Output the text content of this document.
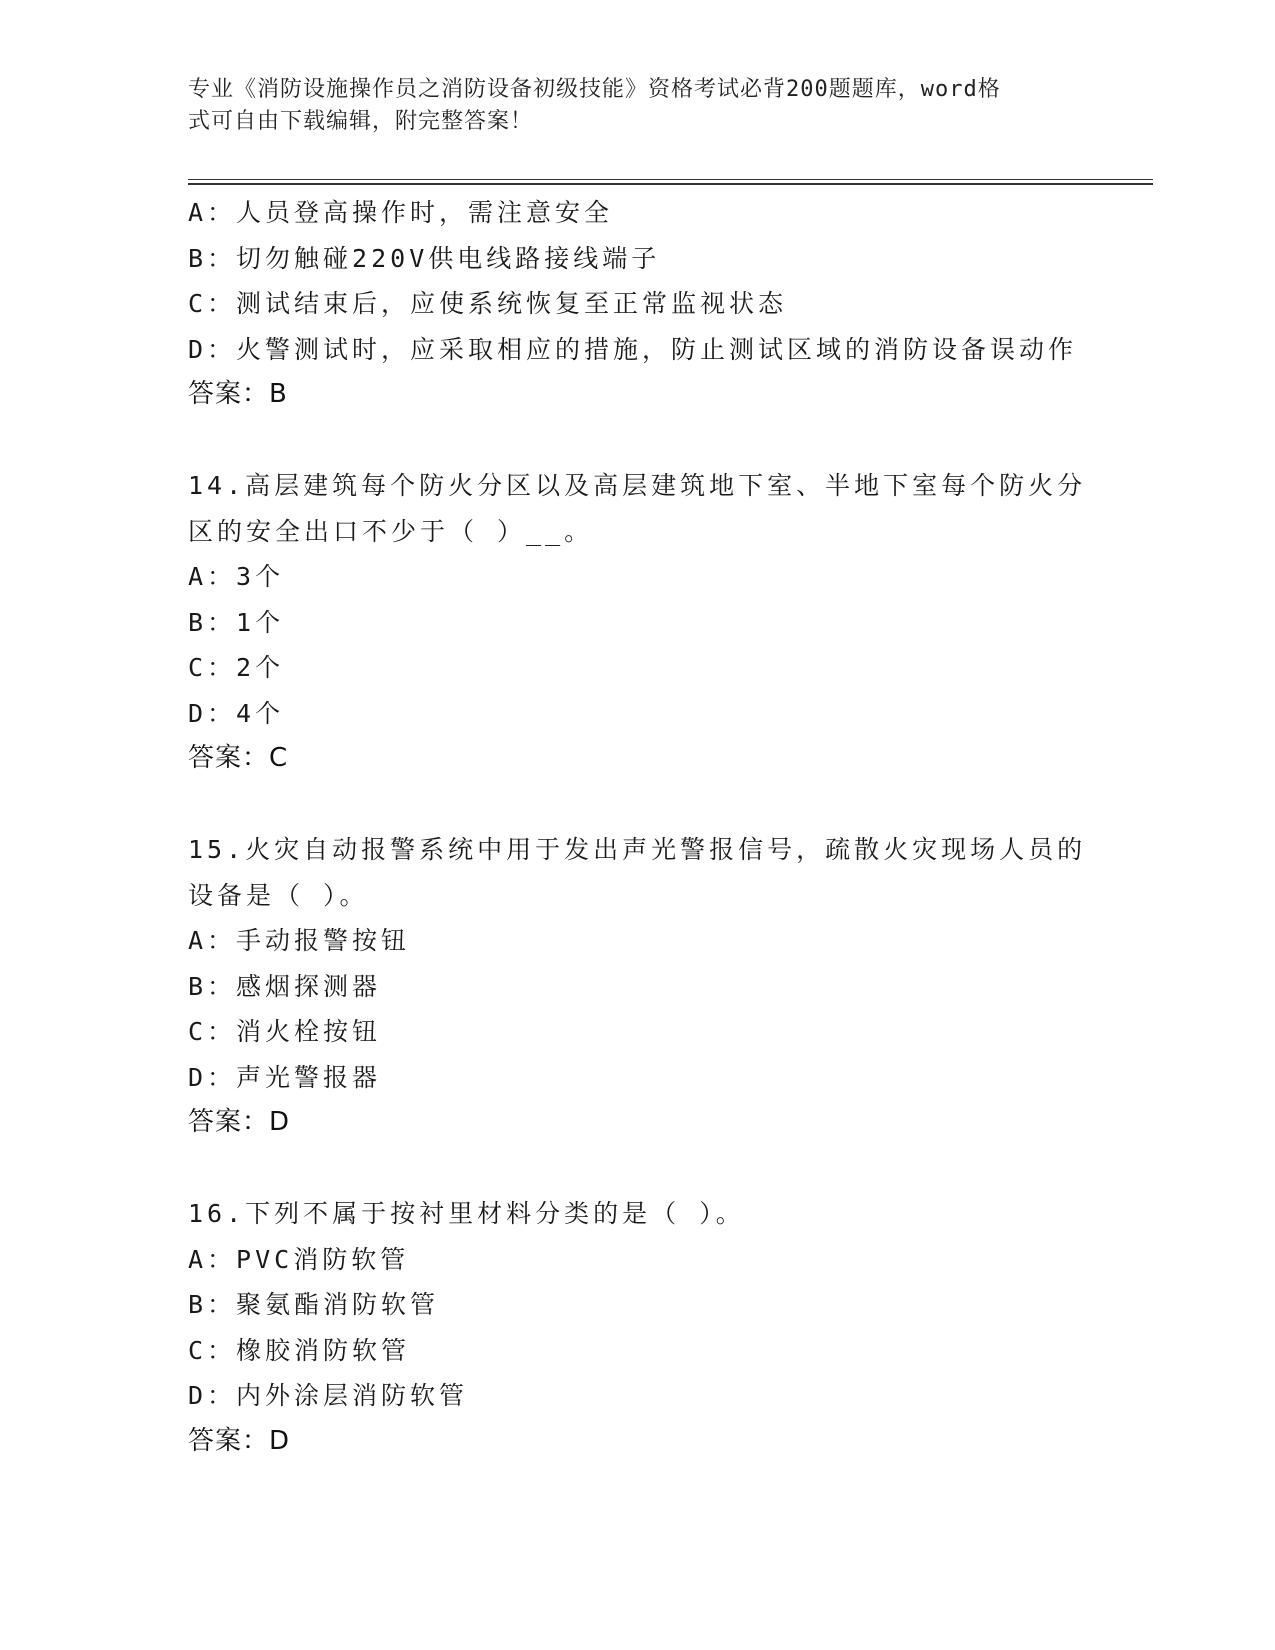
专业《消防设施操作员之消防设备初级技能》资格考试必背200题题库，word格
式可自由下载编辑，附完整答案！
A：人员登高操作时，需注意安全
B：切勿触碰220V供电线路接线端子
C：测试结束后，应使系统恢复至正常监视状态
D：火警测试时，应采取相应的措施，防止测试区域的消防设备误动作
答案：B
14.高层建筑每个防火分区以及高层建筑地下室、半地下室每个防火分
区的安全出口不少于（ ）__。
A：3个
B：1个
C：2个
D：4个
答案：C
15.火灾自动报警系统中用于发出声光警报信号，疏散火灾现场人员的
设备是（ ）。
A：手动报警按钮
B：感烟探测器
C：消火栓按钮
D：声光警报器
答案：D
16.下列不属于按衬里材料分类的是（ ）。
A：PVC消防软管
B：聚氨酯消防软管
C：橡胶消防软管
D：内外涂层消防软管
答案：D
